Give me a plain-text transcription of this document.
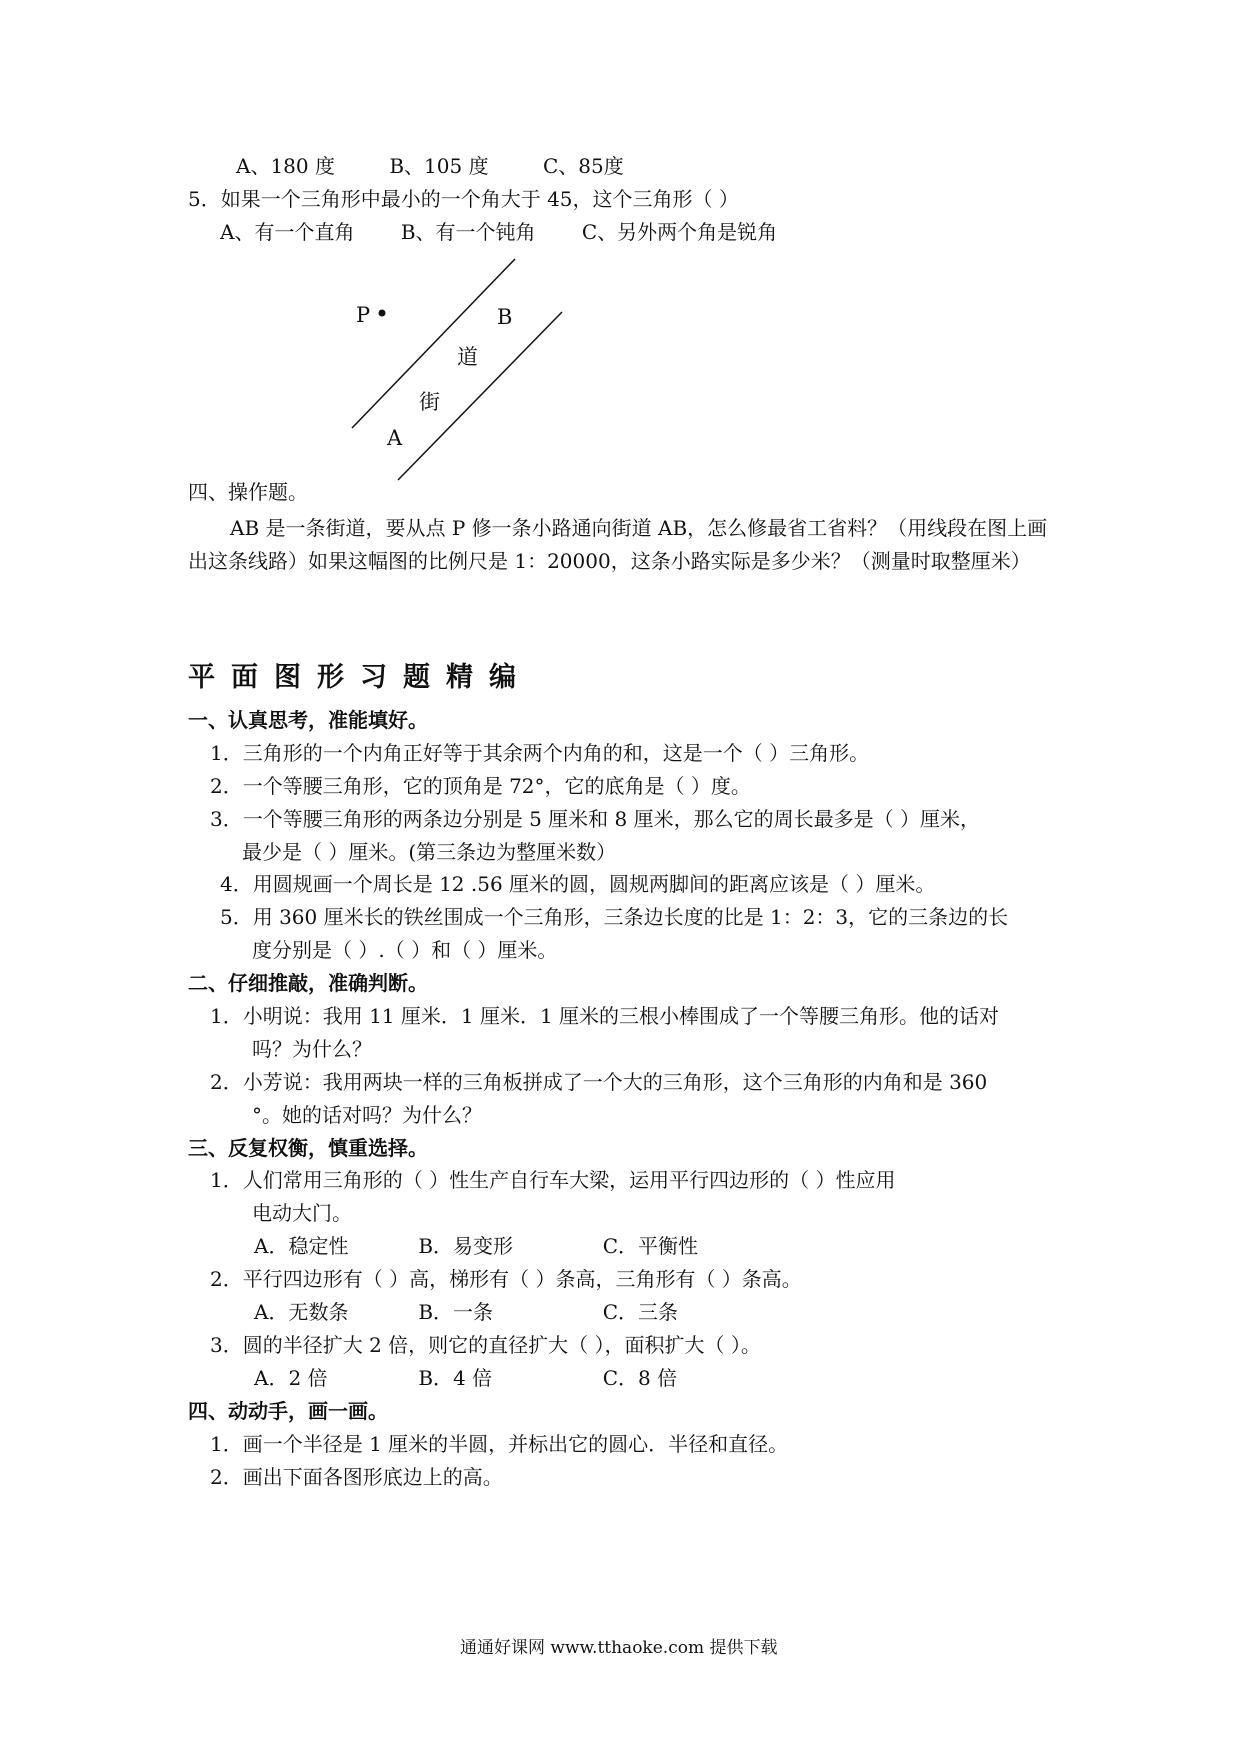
A、180 度	B、105 度	C、85度
5．如果一个三角形中最小的一个角大于 45，这个三角形（ ）
A、有一个直角 B、有一个钝角 C、另外两个角是锐角
P	B
道
街
A
四、操作题。
AB 是一条街道，要从点 P 修一条小路通向街道 AB，怎么修最省工省料？（用线段在图上画出这条线路）如果这幅图的比例尺是 1：20000，这条小路实际是多少米？（测量时取整厘米）
平面图形习题精编
一、认真思考，准能填好。
1．三角形的一个内角正好等于其余两个内角的和，这是一个（ ）三角形。
2．一个等腰三角形，它的顶角是 72°，它的底角是（ ）度。
3．一个等腰三角形的两条边分别是 5 厘米和 8 厘米，那么它的周长最多是（ ）厘米，
最少是（ ）厘米。(第三条边为整厘米数）
4．用圆规画一个周长是 12 .56 厘米的圆，圆规两脚间的距离应该是（ ）厘米。
5．用 360 厘米长的铁丝围成一个三角形，三条边长度的比是 1：2：3，它的三条边的长
度分别是（ ）.（ ）和（ ）厘米。
二、仔细推敲，准确判断。
1．小明说：我用 11 厘米．1 厘米．1 厘米的三根小棒围成了一个等腰三角形。他的话对
吗？为什么？
2．小芳说：我用两块一样的三角板拼成了一个大的三角形，这个三角形的内角和是 360
°。她的话对吗？为什么？
三、反复权衡，慎重选择。
1．人们常用三角形的（ ）性生产自行车大梁，运用平行四边形的（ ）性应用
电动大门。
A．稳定性	B．易变形	C．平衡性
2．平行四边形有（ ）高，梯形有（ ）条高，三角形有（ ）条高。
A．无数条	B．一条	C．三条
3．圆的半径扩大 2 倍，则它的直径扩大（ ），面积扩大（ ）。
A．2 倍	B．4 倍	C．8 倍
四、动动手，画一画。
1．画一个半径是 1 厘米的半圆，并标出它的圆心．半径和直径。
2．画出下面各图形底边上的高。
通通好课网 www.tthaoke.com 提供下载
